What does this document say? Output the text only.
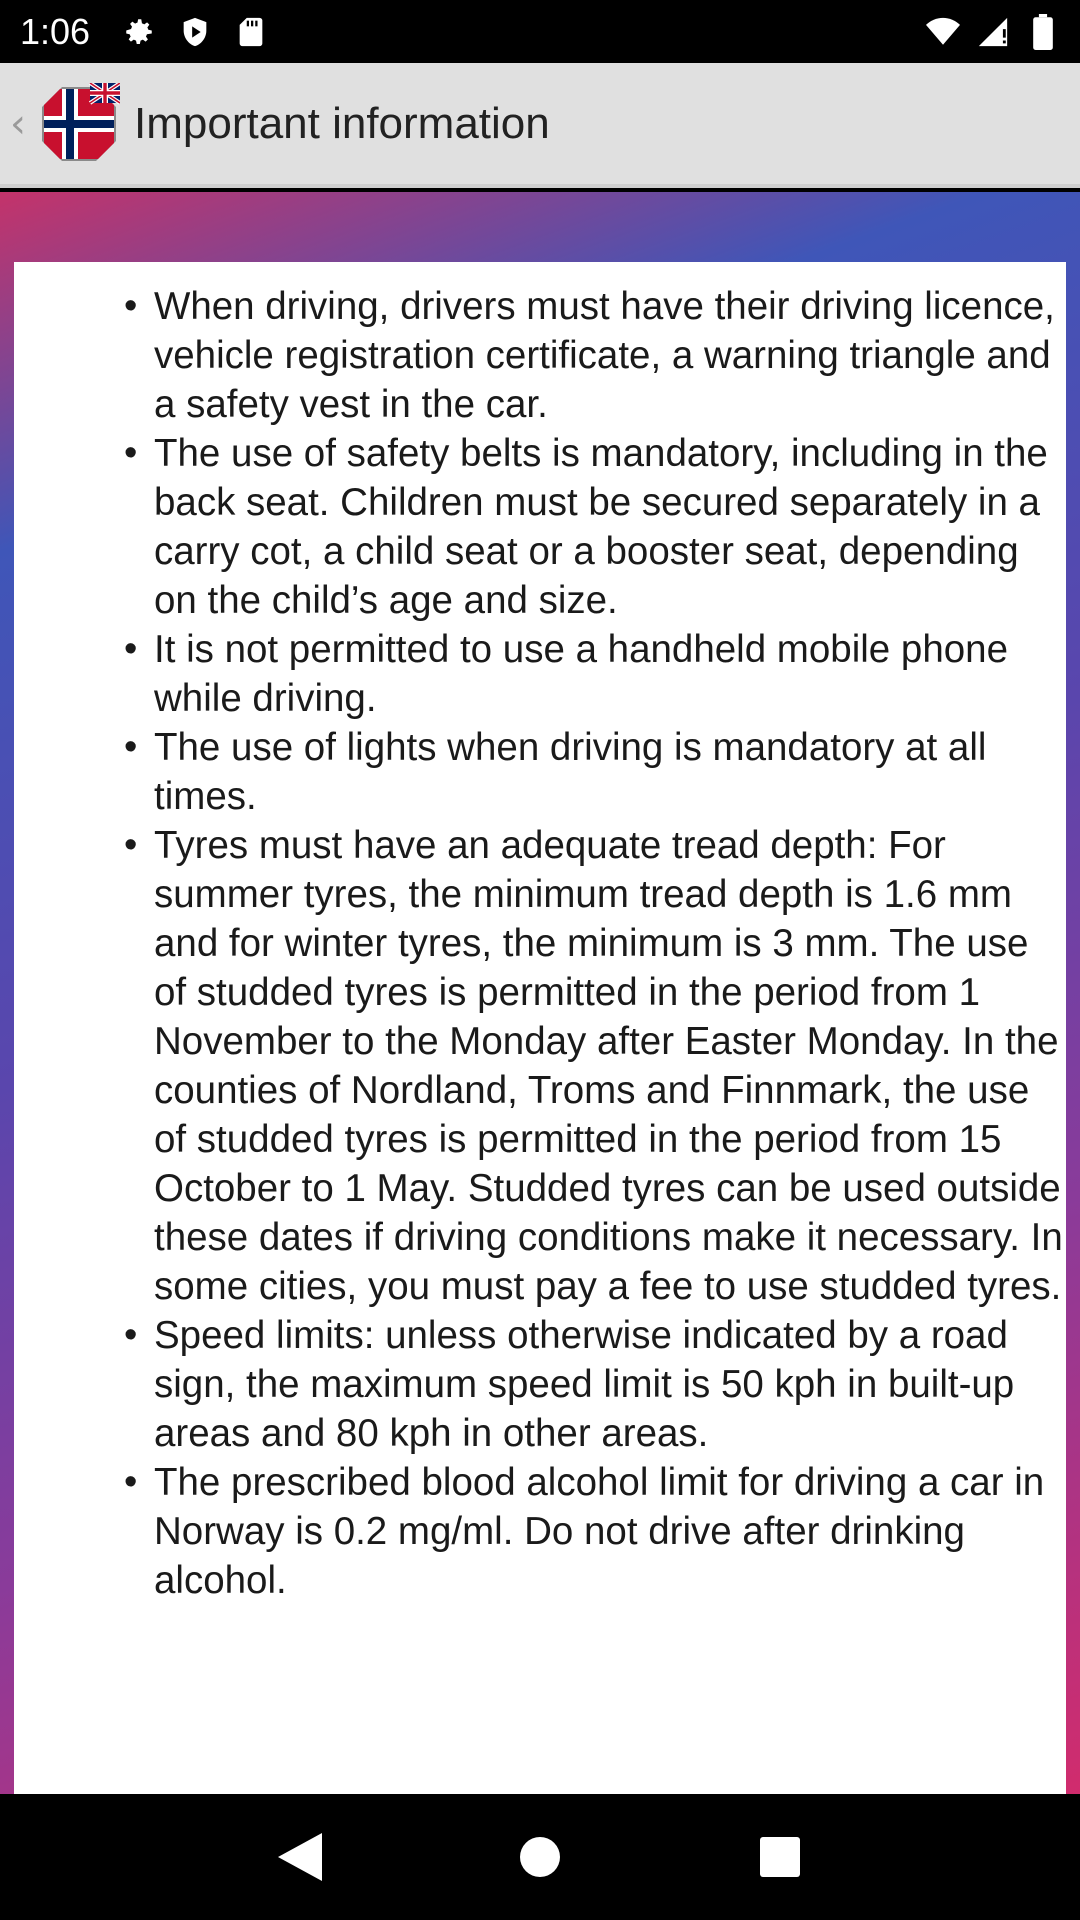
1:06
‹	Important information
• When driving, drivers must have their driving licence, vehicle registration certificate, a warning triangle and a safety vest in the car.
• The use of safety belts is mandatory, including in the back seat. Children must be secured separately in a carry cot, a child seat or a booster seat, depending on the child’s age and size.
• It is not permitted to use a handheld mobile phone while driving.
• The use of lights when driving is mandatory at all times.
• Tyres must have an adequate tread depth: For summer tyres, the minimum tread depth is 1.6 mm and for winter tyres, the minimum is 3 mm. The use of studded tyres is permitted in the period from 1 November to the Monday after Easter Monday. In the counties of Nordland, Troms and Finnmark, the use of studded tyres is permitted in the period from 15 October to 1 May. Studded tyres can be used outside these dates if driving conditions make it necessary. In some cities, you must pay a fee to use studded tyres.
• Speed limits: unless otherwise indicated by a road sign, the maximum speed limit is 50 kph in built-up areas and 80 kph in other areas.
• The prescribed blood alcohol limit for driving a car in Norway is 0.2 mg/ml. Do not drive after drinking alcohol.
